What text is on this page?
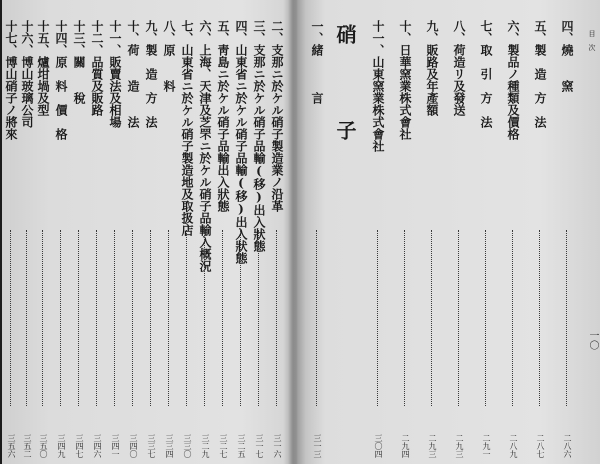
目　次
一〇
四、燒　　窯
二八六
五、製　造　方　法
二八七
六、製品ノ種類及價格
二八九
七、取　引　方　法
二九一
八、荷造リ及發送
二九三
九、販路及年產額
二九三
十、日華窯業株式會社
二九四
十一、山東窯業株式會社
三〇四
硝　子
一、緒　　　言
三一三
二、支那ニ於ケル硝子製造業ノ沿革
三一六
三、支那ニ於ケル硝子品輸(移)出入狀態
三一七
四、山東省ニ於ケル硝子品輸(移)出入狀態
三二五
五、靑島ニ於ケル硝子品輸出入狀態
三二七
六、上海、天津及芝罘ニ於ケル硝子品輸入概況
三二九
七、山東省ニ於ケル硝子製造地及取扱店
三三〇
八、原　　料
三三四
九、製　造　方　法
三三七
十、荷　　造　　法
三四〇
十一、販賣法及相場
三四一
十二、品質及販路
三四六
十三、關　　稅
三四七
十四、原　料　價　格
三四九
十五、爐坩堝及型
三五〇
十六、博山玻璃公司
三五二
十七、博山硝子ノ將來
三五六
